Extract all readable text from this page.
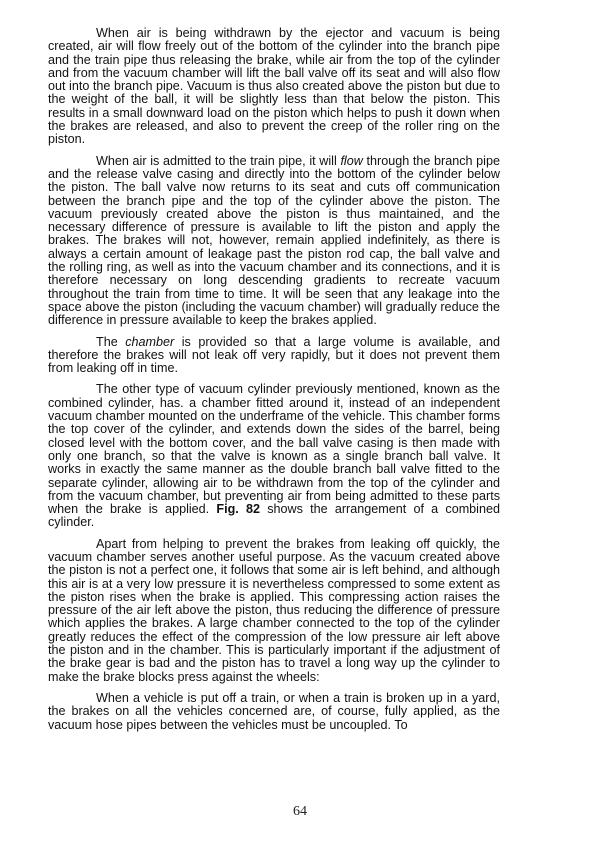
When air is being withdrawn by the ejector and vacuum is being created, air will flow freely out of the bottom of the cylinder into the branch pipe and the train pipe thus releasing the brake, while air from the top of the cylinder and from the vacuum chamber will lift the ball valve off its seat and will also flow out into the branch pipe. Vacuum is thus also created above the piston but due to the weight of the ball, it will be slightly less than that below the piston. This results in a small downward load on the piston which helps to push it down when the brakes are released, and also to prevent the creep of the roller ring on the piston.

When air is admitted to the train pipe, it will flow through the branch pipe and the release valve casing and directly into the bottom of the cylinder below the piston. The ball valve now returns to its seat and cuts off communication between the branch pipe and the top of the cylinder above the piston. The vacuum previously created above the piston is thus maintained, and the necessary difference of pressure is available to lift the piston and apply the brakes. The brakes will not, however, remain applied indefinitely, as there is always a certain amount of leakage past the piston rod cap, the ball valve and the rolling ring, as well as into the vacuum chamber and its connections, and it is therefore necessary on long descending gradients to recreate vacuum throughout the train from time to time. It will be seen that any leakage into the space above the piston (including the vacuum chamber) will gradually reduce the difference in pressure available to keep the brakes applied.

The chamber is provided so that a large volume is available, and therefore the brakes will not leak off very rapidly, but it does not prevent them from leaking off in time.

The other type of vacuum cylinder previously mentioned, known as the combined cylinder, has. a chamber fitted around it, instead of an independent vacuum chamber mounted on the underframe of the vehicle. This chamber forms the top cover of the cylinder, and extends down the sides of the barrel, being closed level with the bottom cover, and the ball valve casing is then made with only one branch, so that the valve is known as a single branch ball valve. It works in exactly the same manner as the double branch ball valve fitted to the separate cylinder, allowing air to be withdrawn from the top of the cylinder and from the vacuum chamber, but preventing air from being admitted to these parts when the brake is applied. Fig. 82 shows the arrangement of a combined cylinder.

Apart from helping to prevent the brakes from leaking off quickly, the vacuum chamber serves another useful purpose. As the vacuum created above the piston is not a perfect one, it follows that some air is left behind, and although this air is at a very low pressure it is nevertheless compressed to some extent as the piston rises when the brake is applied. This compressing action raises the pressure of the air left above the piston, thus reducing the difference of pressure which applies the brakes. A large chamber connected to the top of the cylinder greatly reduces the effect of the compression of the low pressure air left above the piston and in the chamber. This is particularly important if the adjustment of the brake gear is bad and the piston has to travel a long way up the cylinder to make the brake blocks press against the wheels:

When a vehicle is put off a train, or when a train is broken up in a yard, the brakes on all the vehicles concerned are, of course, fully applied, as the vacuum hose pipes between the vehicles must be uncoupled. To

64
